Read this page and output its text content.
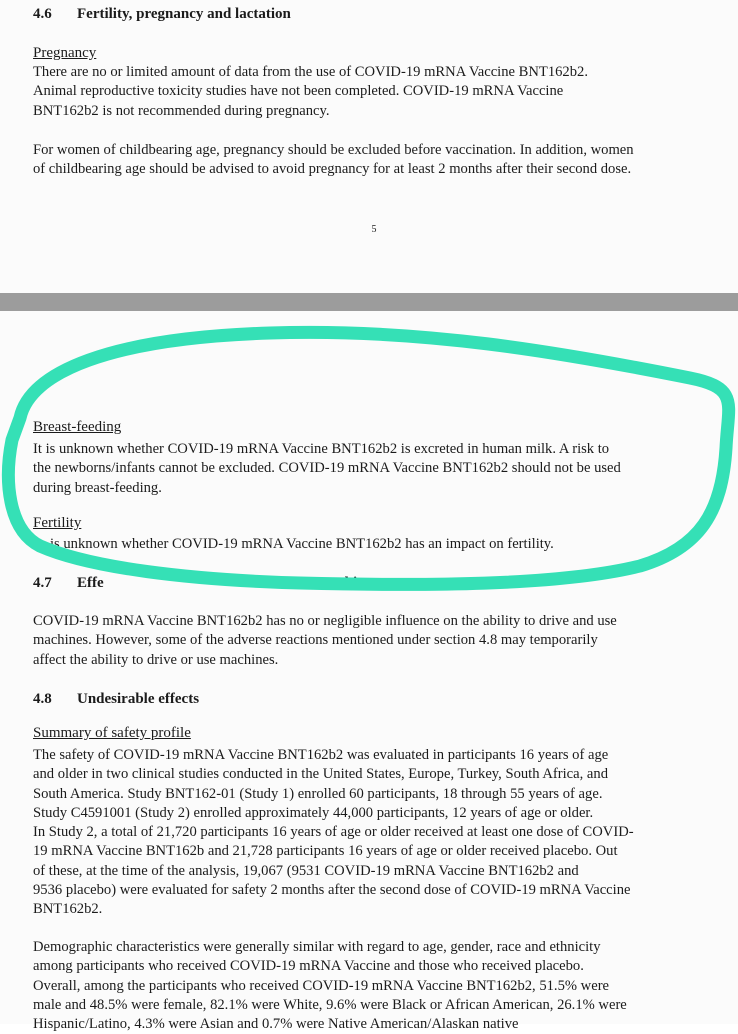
4.6 Fertility, pregnancy and lactation
Pregnancy

There are no or limited amount of data from the use of COVID-19 mRNA Vaccine BNT162b2.
Animal reproductive toxicity studies have not been completed. COVID-19 mRNA Vaccine
BNT162b2 is not recommended during pregnancy.

For women of childbearing age, pregnancy should be excluded before vaccination. In addition, women
of childbearing age should be advised to avoid pregnancy for at least 2 months after their second dose.

5
Breast-feeding

It is unknown whether COVID-19 mRNA Vaccine BNT162b2 is excreted in human milk. A risk to
the newborns/infants cannot be excluded. COVID-19 mRNA Vaccine BNT162b2 should not be used
during breast-feeding.

Fertility

is unknown whether COVID-19 mRNA Vaccine BNT162b2 has an impact on fertility.

4.7 Effe	machines

COVID-19 mRNA Vaccine BNT162b2 has no or negligible influence on the ability to drive and use
machines. However, some of the adverse reactions mentioned under section 4.8 may temporarily
affect the ability to drive or use machines.

4.8 Undesirable effects
Summary of safety profile

The safety of COVID-19 mRNA Vaccine BNT162b2 was evaluated in participants 16 years of age
and older in two clinical studies conducted in the United States, Europe, Turkey, South Africa, and
South America. Study BNT162-01 (Study 1) enrolled 60 participants, 18 through 55 years of age.
Study C4591001 (Study 2) enrolled approximately 44,000 participants, 12 years of age or older.
In Study 2, a total of 21,720 participants 16 years of age or older received at least one dose of COVID-
19 mRNA Vaccine BNT162b and 21,728 participants 16 years of age or older received placebo. Out
of these, at the time of the analysis, 19,067 (9531 COVID-19 mRNA Vaccine BNT162b2 and
9536 placebo) were evaluated for safety 2 months after the second dose of COVID-19 mRNA Vaccine
BNT162b2.

Demographic characteristics were generally similar with regard to age, gender, race and ethnicity
among participants who received COVID-19 mRNA Vaccine and those who received placebo.
Overall, among the participants who received COVID-19 mRNA Vaccine BNT162b2, 51.5% were
male and 48.5% were female, 82.1% were White, 9.6% were Black or African American, 26.1% were
Hispanic/Latino, 4.3% were Asian and 0.7% were Native American/Alaskan native
